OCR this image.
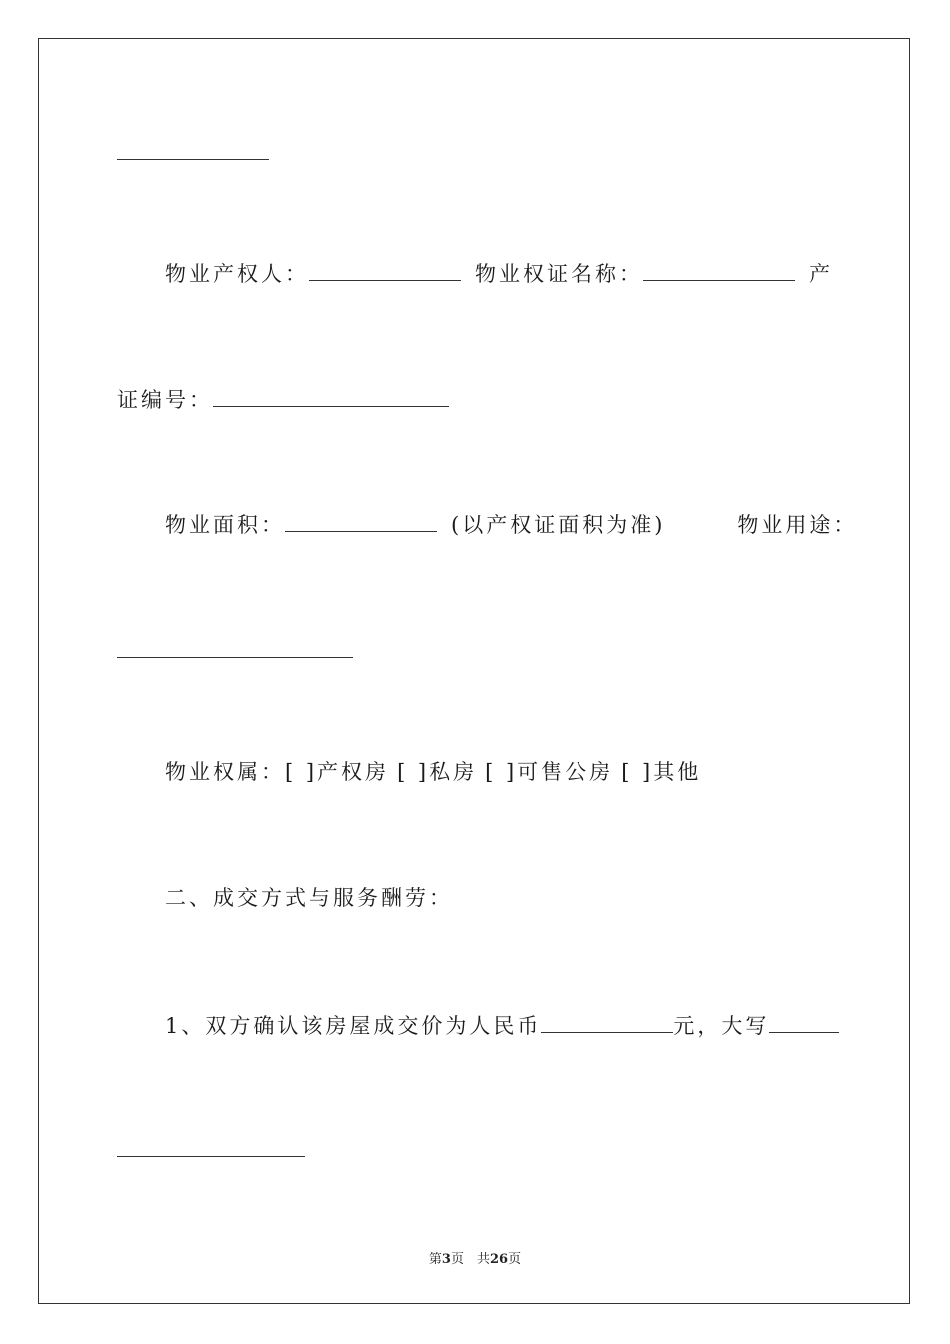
物业产权人：	物业权证名称：	产
证编号：
物业面积：	(以产权证面积为准)	物业用途：
物业权属：[ ]产权房 [ ]私房 [ ]可售公房 [ ]其他
二、成交方式与服务酬劳：
1、双方确认该房屋成交价为人民币	元，大写
第3页　共26页
